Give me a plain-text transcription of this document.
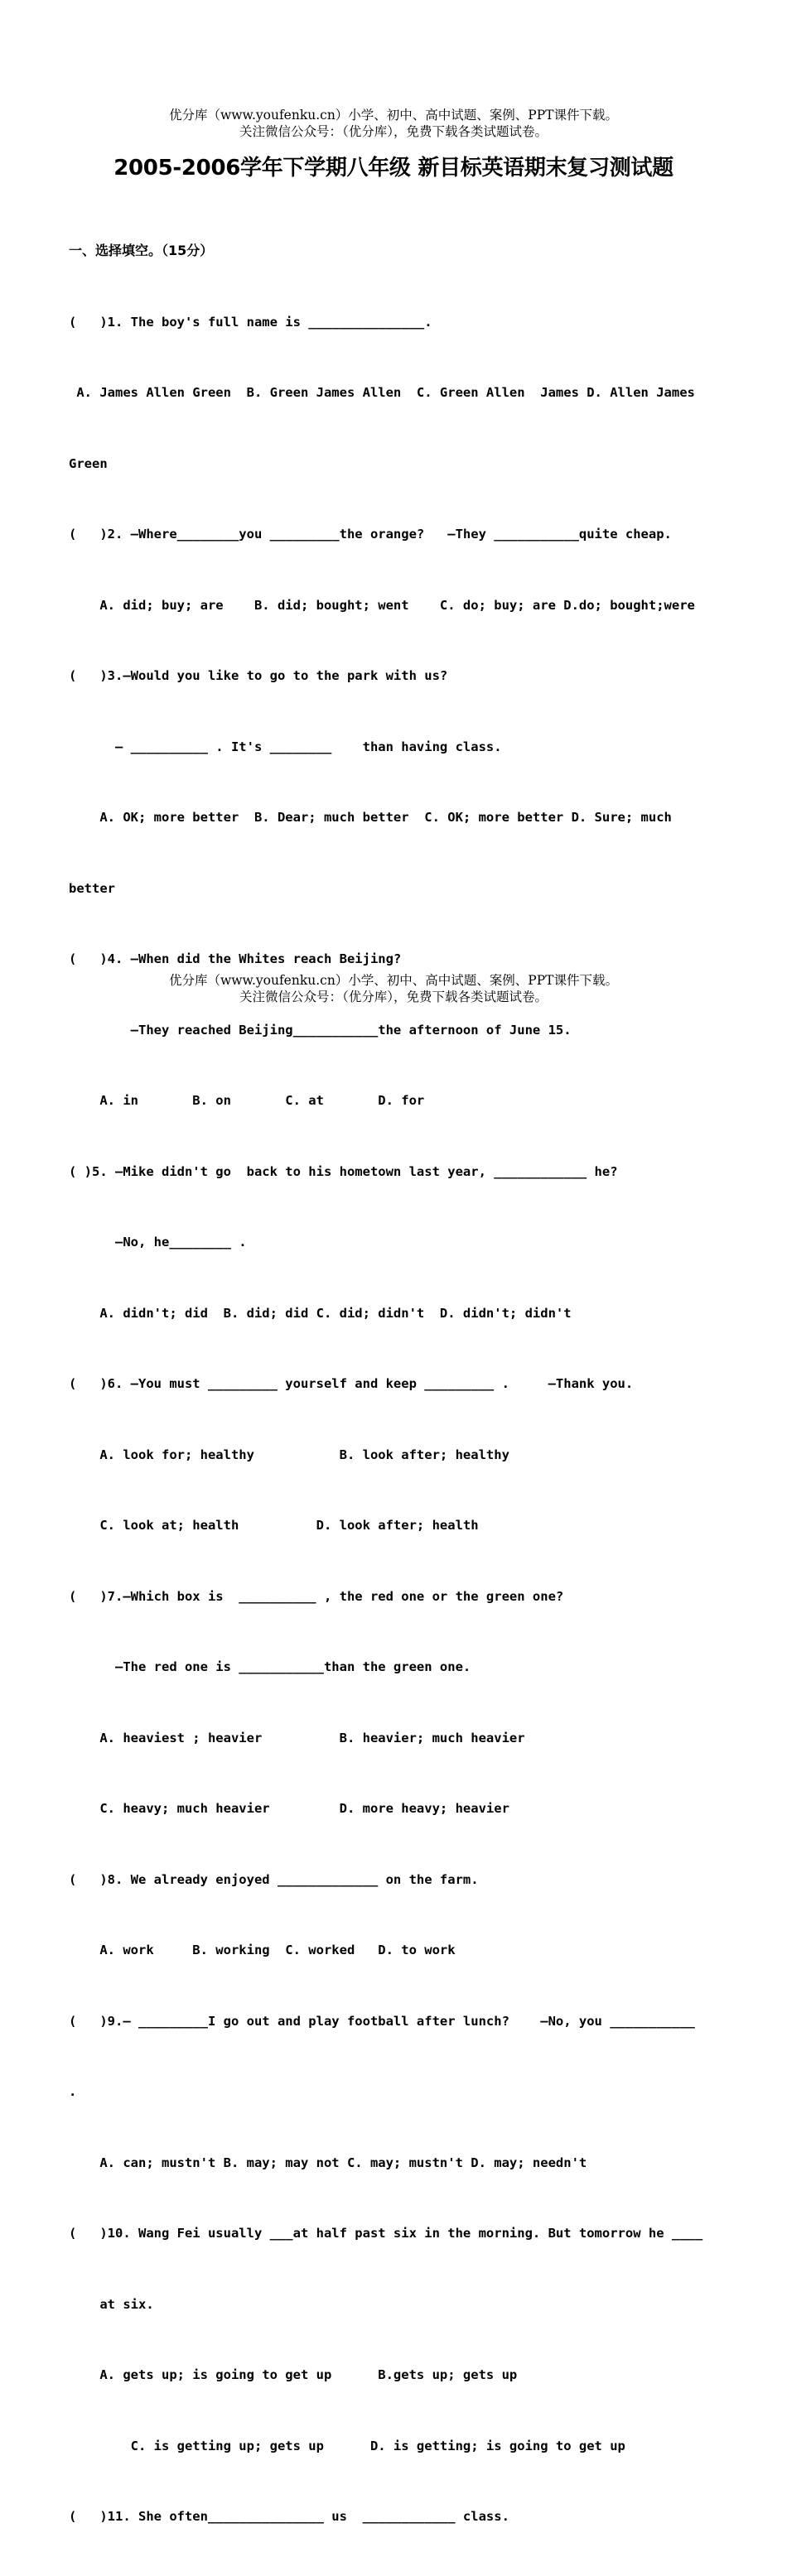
优分库（www.youfenku.cn）小学、初中、高中试题、案例、PPT课件下载。
关注微信公众号：（优分库），免费下载各类试题试卷。
2005-2006学年下学期八年级 新目标英语期末复习测试题

一、选择填空。（15分）

(   )1. The boy's full name is _______________.

A. James Allen Green  B. Green James Allen  C. Green Allen  James D. Allen James

Green

(   )2. —Where________you _________the orange?   —They ___________quite cheap.

A. did; buy; are    B. did; bought; went    C. do; buy; are D.do; bought;were

(   )3.—Would you like to go to the park with us?

— __________ . It's ________    than having class.

A. OK; more better  B. Dear; much better  C. OK; more better D. Sure; much

better

(   )4. —When did the Whites reach Beijing?

—They reached Beijing___________the afternoon of June 15.

A. in       B. on       C. at       D. for

( )5. —Mike didn't go  back to his hometown last year, ____________ he?

—No, he________ .

A. didn't; did  B. did; did C. did; didn't  D. didn't; didn't

(   )6. —You must _________ yourself and keep _________ .     —Thank you.

A. look for; healthy           B. look after; healthy

C. look at; health          D. look after; health

(   )7.—Which box is  __________ , the red one or the green one?

—The red one is ___________than the green one.

A. heaviest ; heavier          B. heavier; much heavier

C. heavy; much heavier         D. more heavy; heavier

(   )8. We already enjoyed _____________ on the farm.

A. work     B. working  C. worked   D. to work

(   )9.— _________I go out and play football after lunch?    —No, you ___________

.

A. can; mustn't B. may; may not C. may; mustn't D. may; needn't

(   )10. Wang Fei usually ___at half past six in the morning. But tomorrow he ____

at six.

A. gets up; is going to get up      B.gets up; gets up

C. is getting up; gets up      D. is getting; is going to get up

(   )11. She often_______________ us  ____________ class.

优分库（www.youfenku.cn）小学、初中、高中试题、案例、PPT课件下载。
关注微信公众号：（优分库），免费下载各类试题试卷。
